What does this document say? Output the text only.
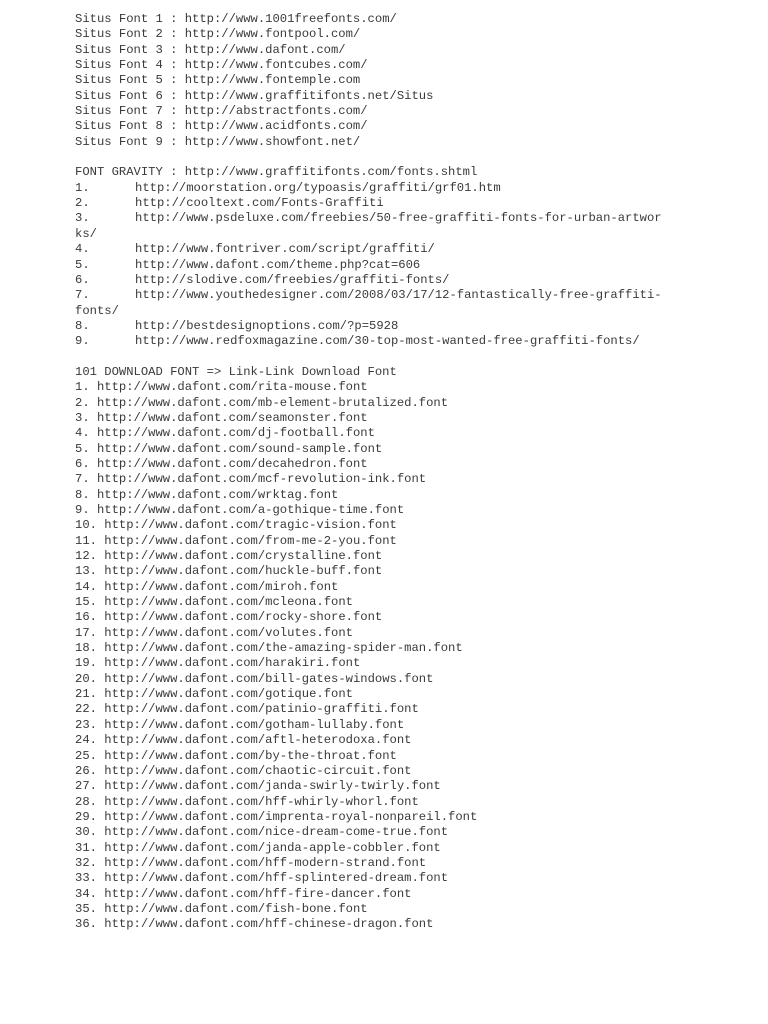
Situs Font 1 : http://www.1001freefonts.com/
Situs Font 2 : http://www.fontpool.com/
Situs Font 3 : http://www.dafont.com/
Situs Font 4 : http://www.fontcubes.com/
Situs Font 5 : http://www.fontemple.com
Situs Font 6 : http://www.graffitifonts.net/Situs
Situs Font 7 : http://abstractfonts.com/
Situs Font 8 : http://www.acidfonts.com/
Situs Font 9 : http://www.showfont.net/
FONT GRAVITY : http://www.graffitifonts.com/fonts.shtml
1.	http://moorstation.org/typoasis/graffiti/grf01.htm
2.	http://cooltext.com/Fonts-Graffiti
3.	http://www.psdeluxe.com/freebies/50-free-graffiti-fonts-for-urban-artwor
ks/
4.	http://www.fontriver.com/script/graffiti/
5.	http://www.dafont.com/theme.php?cat=606
6.	http://slodive.com/freebies/graffiti-fonts/
7.	http://www.youthedesigner.com/2008/03/17/12-fantastically-free-graffiti-
fonts/
8.	http://bestdesignoptions.com/?p=5928
9.	http://www.redfoxmagazine.com/30-top-most-wanted-free-graffiti-fonts/
101 DOWNLOAD FONT => Link-Link Download Font
1. http://www.dafont.com/rita-mouse.font
2. http://www.dafont.com/mb-element-brutalized.font
3. http://www.dafont.com/seamonster.font
4. http://www.dafont.com/dj-football.font
5. http://www.dafont.com/sound-sample.font
6. http://www.dafont.com/decahedron.font
7. http://www.dafont.com/mcf-revolution-ink.font
8. http://www.dafont.com/wrktag.font
9. http://www.dafont.com/a-gothique-time.font
10. http://www.dafont.com/tragic-vision.font
11. http://www.dafont.com/from-me-2-you.font
12. http://www.dafont.com/crystalline.font
13. http://www.dafont.com/huckle-buff.font
14. http://www.dafont.com/miroh.font
15. http://www.dafont.com/mcleona.font
16. http://www.dafont.com/rocky-shore.font
17. http://www.dafont.com/volutes.font
18. http://www.dafont.com/the-amazing-spider-man.font
19. http://www.dafont.com/harakiri.font
20. http://www.dafont.com/bill-gates-windows.font
21. http://www.dafont.com/gotique.font
22. http://www.dafont.com/patinio-graffiti.font
23. http://www.dafont.com/gotham-lullaby.font
24. http://www.dafont.com/aftl-heterodoxa.font
25. http://www.dafont.com/by-the-throat.font
26. http://www.dafont.com/chaotic-circuit.font
27. http://www.dafont.com/janda-swirly-twirly.font
28. http://www.dafont.com/hff-whirly-whorl.font
29. http://www.dafont.com/imprenta-royal-nonpareil.font
30. http://www.dafont.com/nice-dream-come-true.font
31. http://www.dafont.com/janda-apple-cobbler.font
32. http://www.dafont.com/hff-modern-strand.font
33. http://www.dafont.com/hff-splintered-dream.font
34. http://www.dafont.com/hff-fire-dancer.font
35. http://www.dafont.com/fish-bone.font
36. http://www.dafont.com/hff-chinese-dragon.font
